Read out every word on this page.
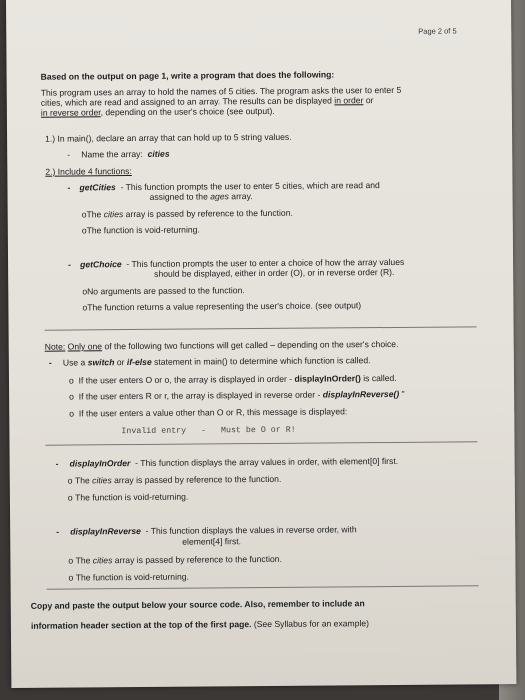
Page 2 of 5
Based on the output on page 1, write a program that does the following:
This program uses an array to hold the names of 5 cities. The program asks the user to enter 5
cities, which are read and assigned to an array. The results can be displayed in order or
in reverse order, depending on the user's choice (see output).
1.) In main(), declare an array that can hold up to 5 string values.
- Name the array: cities
2.) Include 4 functions:
- getCities - This function prompts the user to enter 5 cities, which are read and
assigned to the ages array.
oThe cities array is passed by reference to the function.
oThe function is void-returning.
- getChoice - This function prompts the user to enter a choice of how the array values
should be displayed, either in order (O), or in reverse order (R).
oNo arguments are passed to the function.
oThe function returns a value representing the user's choice. (see output)
Note: Only one of the following two functions will get called – depending on the user's choice.
- Use a switch or if-else statement in main() to determine which function is called.
o If the user enters O or o, the array is displayed in order - displayInOrder() is called.
o If the user enters R or r, the array is displayed in reverse order - displayInReverse() "
o If the user enters a value other than O or R, this message is displayed:
Invalid entry - Must be O or R!
- displayInOrder - This function displays the array values in order, with element[0] first.
o The cities array is passed by reference to the function.
o The function is void-returning.
- displayInReverse - This function displays the values in reverse order, with
element[4] first.
o The cities array is passed by reference to the function.
o The function is void-returning.
Copy and paste the output below your source code. Also, remember to include an
information header section at the top of the first page. (See Syllabus for an example)
